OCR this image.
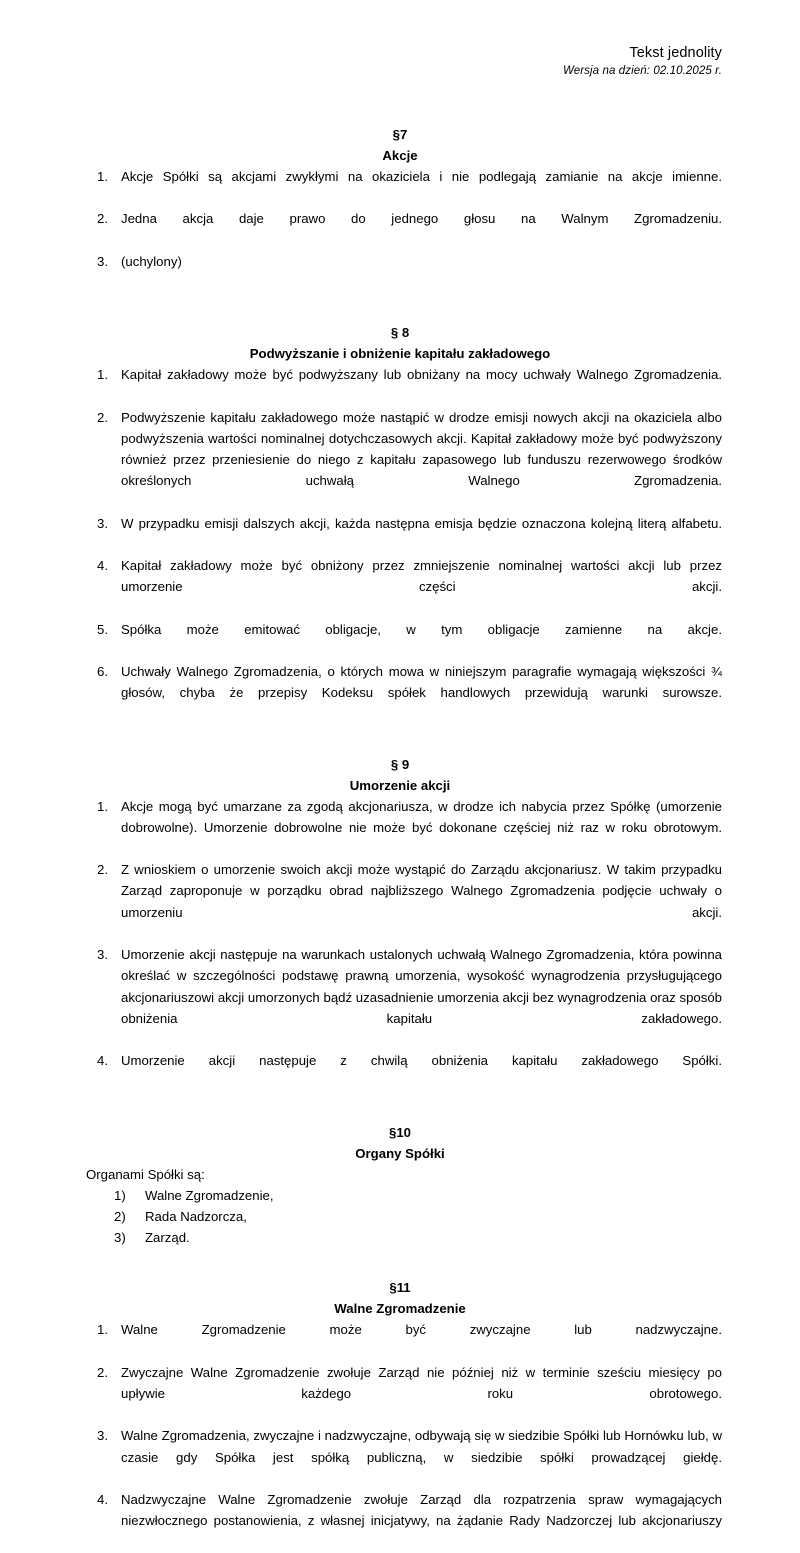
Tekst jednolity
Wersja na dzień: 02.10.2025 r.
§7
Akcje
1. Akcje Spółki są akcjami zwykłymi na okaziciela i nie podlegają zamianie na akcje imienne.
2. Jedna akcja daje prawo do jednego głosu na Walnym Zgromadzeniu.
3. (uchylony)
§ 8
Podwyższanie i obniżenie kapitału zakładowego
1. Kapitał zakładowy może być podwyższany lub obniżany na mocy uchwały Walnego Zgromadzenia.
2. Podwyższenie kapitału zakładowego może nastąpić w drodze emisji nowych akcji na okaziciela albo podwyższenia wartości nominalnej dotychczasowych akcji. Kapitał zakładowy może być podwyższony również przez przeniesienie do niego z kapitału zapasowego lub funduszu rezerwowego środków określonych uchwałą Walnego Zgromadzenia.
3. W przypadku emisji dalszych akcji, każda następna emisja będzie oznaczona kolejną literą alfabetu.
4. Kapitał zakładowy może być obniżony przez zmniejszenie nominalnej wartości akcji lub przez umorzenie części akcji.
5. Spółka może emitować obligacje, w tym obligacje zamienne na akcje.
6. Uchwały Walnego Zgromadzenia, o których mowa w niniejszym paragrafie wymagają większości ¾ głosów, chyba że przepisy Kodeksu spółek handlowych przewidują warunki surowsze.
§ 9
Umorzenie akcji
1. Akcje mogą być umarzane za zgodą akcjonariusza, w drodze ich nabycia przez Spółkę (umorzenie dobrowolne). Umorzenie dobrowolne nie może być dokonane częściej niż raz w roku obrotowym.
2. Z wnioskiem o umorzenie swoich akcji może wystąpić do Zarządu akcjonariusz. W takim przypadku Zarząd zaproponuje w porządku obrad najbliższego Walnego Zgromadzenia podjęcie uchwały o umorzeniu akcji.
3. Umorzenie akcji następuje na warunkach ustalonych uchwałą Walnego Zgromadzenia, która powinna określać w szczególności podstawę prawną umorzenia, wysokość wynagrodzenia przysługującego akcjonariuszowi akcji umorzonych bądź uzasadnienie umorzenia akcji bez wynagrodzenia oraz sposób obniżenia kapitału zakładowego.
4. Umorzenie akcji następuje z chwilą obniżenia kapitału zakładowego Spółki.
§10
Organy Spółki

Organami Spółki są:

1)	Walne Zgromadzenie,
2)	Rada Nadzorcza,
3)	Zarząd.
§11
Walne Zgromadzenie
1. Walne Zgromadzenie może być zwyczajne lub nadzwyczajne.
2. Zwyczajne Walne Zgromadzenie zwołuje Zarząd nie później niż w terminie sześciu miesięcy po upływie każdego roku obrotowego.
3. Walne Zgromadzenia, zwyczajne i nadzwyczajne, odbywają się w siedzibie Spółki lub Hornówku lub, w czasie gdy Spółka jest spółką publiczną, w siedzibie spółki prowadzącej giełdę.
4. Nadzwyczajne Walne Zgromadzenie zwołuje Zarząd dla rozpatrzenia spraw wymagających niezwłocznego postanowienia, z własnej inicjatywy, na żądanie Rady Nadzorczej lub akcjonariuszy
